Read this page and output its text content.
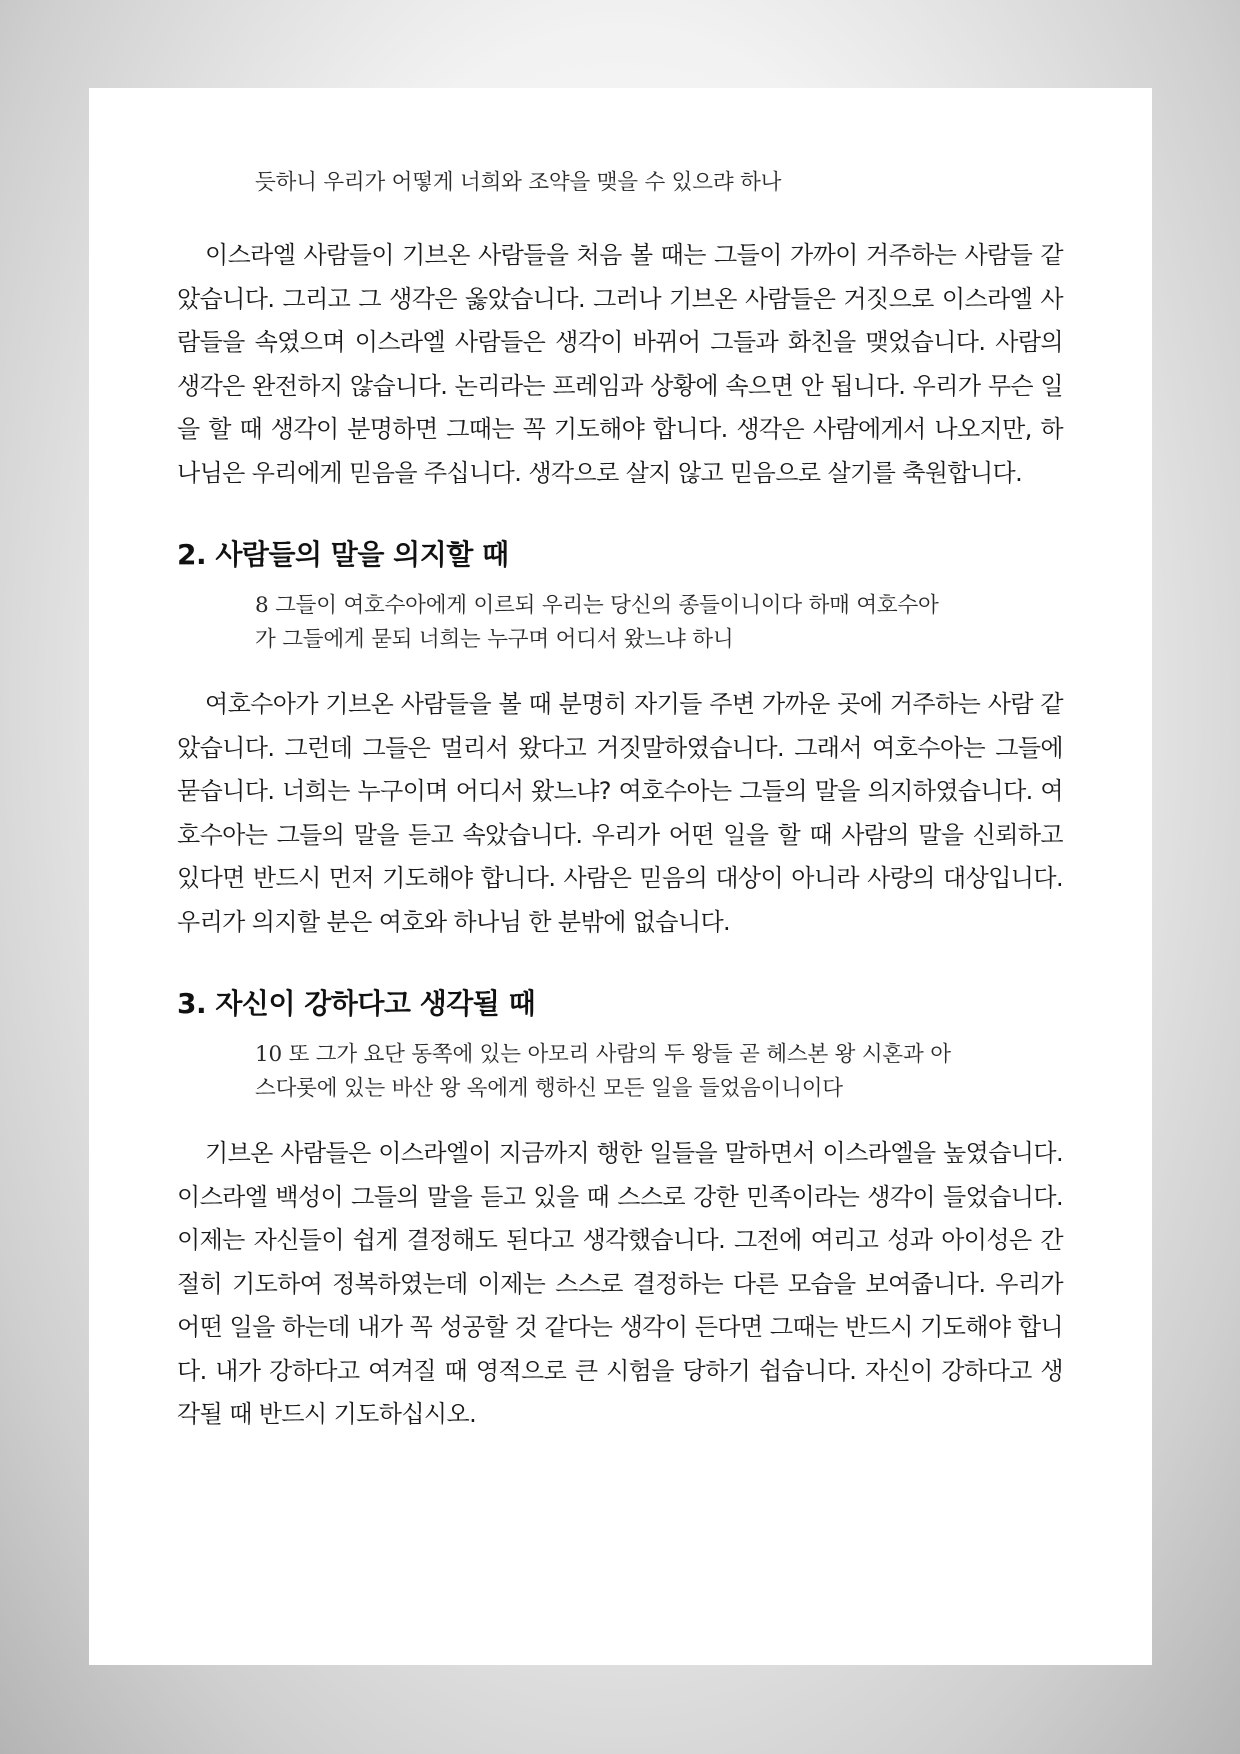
듯하니 우리가 어떻게 너희와 조약을 맺을 수 있으랴 하나

이스라엘 사람들이 기브온 사람들을 처음 볼 때는 그들이 가까이 거주하는 사람들 같았습니다. 그리고 그 생각은 옳았습니다. 그러나 기브온 사람들은 거짓으로 이스라엘 사람들을 속였으며 이스라엘 사람들은 생각이 바뀌어 그들과 화친을 맺었습니다. 사람의 생각은 완전하지 않습니다. 논리라는 프레임과 상황에 속으면 안 됩니다. 우리가 무슨 일을 할 때 생각이 분명하면 그때는 꼭 기도해야 합니다. 생각은 사람에게서 나오지만, 하나님은 우리에게 믿음을 주십니다. 생각으로 살지 않고 믿음으로 살기를 축원합니다.

2. 사람들의 말을 의지할 때

8 그들이 여호수아에게 이르되 우리는 당신의 종들이니이다 하매 여호수아
가 그들에게 묻되 너희는 누구며 어디서 왔느냐 하니

여호수아가 기브온 사람들을 볼 때 분명히 자기들 주변 가까운 곳에 거주하는 사람 같았습니다. 그런데 그들은 멀리서 왔다고 거짓말하였습니다. 그래서 여호수아는 그들에 묻습니다. 너희는 누구이며 어디서 왔느냐? 여호수아는 그들의 말을 의지하였습니다. 여호수아는 그들의 말을 듣고 속았습니다. 우리가 어떤 일을 할 때 사람의 말을 신뢰하고 있다면 반드시 먼저 기도해야 합니다. 사람은 믿음의 대상이 아니라 사랑의 대상입니다. 우리가 의지할 분은 여호와 하나님 한 분밖에 없습니다.

3. 자신이 강하다고 생각될 때

10 또 그가 요단 동쪽에 있는 아모리 사람의 두 왕들 곧 헤스본 왕 시혼과 아
스다롯에 있는 바산 왕 옥에게 행하신 모든 일을 들었음이니이다

기브온 사람들은 이스라엘이 지금까지 행한 일들을 말하면서 이스라엘을 높였습니다. 이스라엘 백성이 그들의 말을 듣고 있을 때 스스로 강한 민족이라는 생각이 들었습니다. 이제는 자신들이 쉽게 결정해도 된다고 생각했습니다. 그전에 여리고 성과 아이성은 간절히 기도하여 정복하였는데 이제는 스스로 결정하는 다른 모습을 보여줍니다. 우리가 어떤 일을 하는데 내가 꼭 성공할 것 같다는 생각이 든다면 그때는 반드시 기도해야 합니다. 내가 강하다고 여겨질 때 영적으로 큰 시험을 당하기 쉽습니다. 자신이 강하다고 생각될 때 반드시 기도하십시오.
